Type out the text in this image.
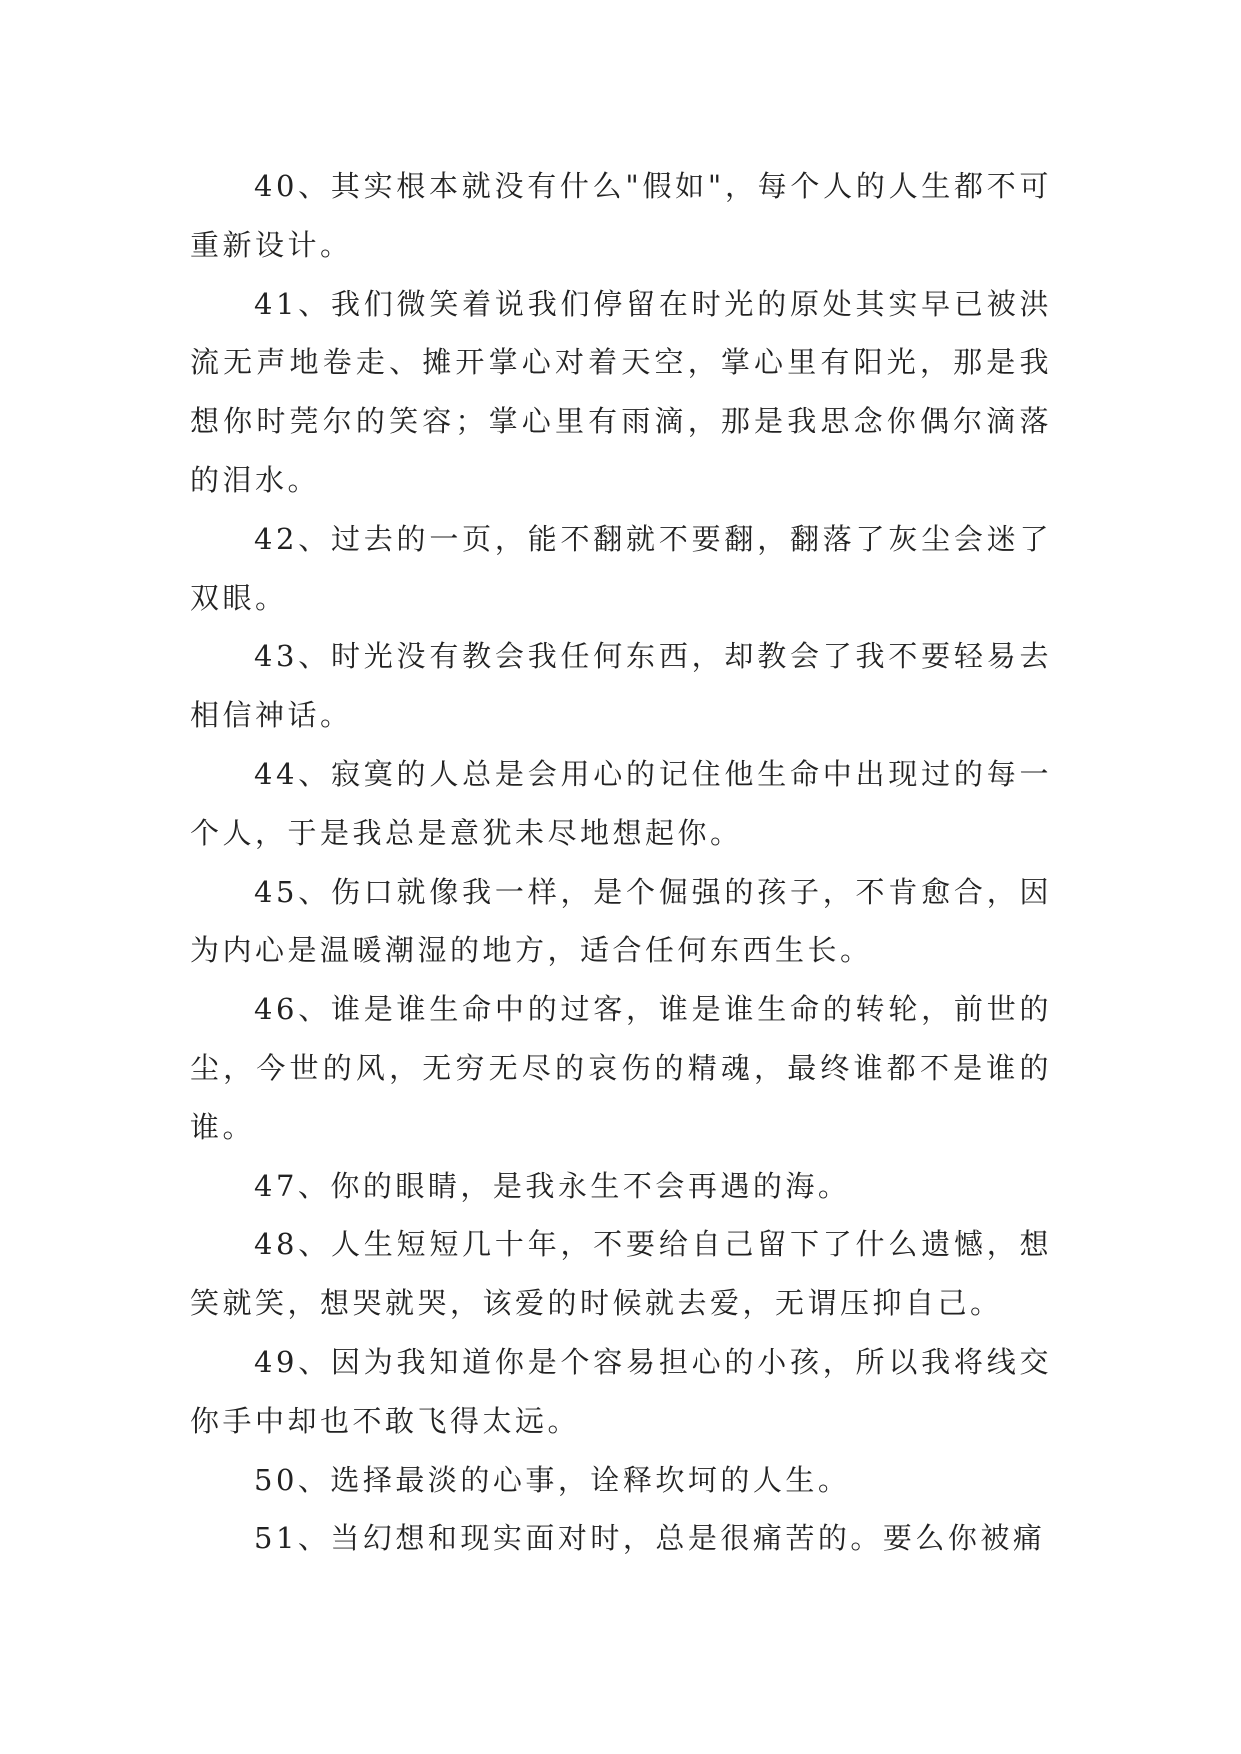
40、其实根本就没有什么"假如"，每个人的人生都不可重新设计。

41、我们微笑着说我们停留在时光的原处其实早已被洪流无声地卷走、摊开掌心对着天空，掌心里有阳光，那是我想你时莞尔的笑容；掌心里有雨滴，那是我思念你偶尔滴落的泪水。

42、过去的一页，能不翻就不要翻，翻落了灰尘会迷了双眼。

43、时光没有教会我任何东西，却教会了我不要轻易去相信神话。

44、寂寞的人总是会用心的记住他生命中出现过的每一个人，于是我总是意犹未尽地想起你。

45、伤口就像我一样，是个倔强的孩子，不肯愈合，因为内心是温暖潮湿的地方，适合任何东西生长。

46、谁是谁生命中的过客，谁是谁生命的转轮，前世的尘，今世的风，无穷无尽的哀伤的精魂，最终谁都不是谁的谁。

47、你的眼睛，是我永生不会再遇的海。

48、人生短短几十年，不要给自己留下了什么遗憾，想笑就笑，想哭就哭，该爱的时候就去爱，无谓压抑自己。

49、因为我知道你是个容易担心的小孩，所以我将线交你手中却也不敢飞得太远。

50、选择最淡的心事，诠释坎坷的人生。

51、当幻想和现实面对时，总是很痛苦的。要么你被痛
